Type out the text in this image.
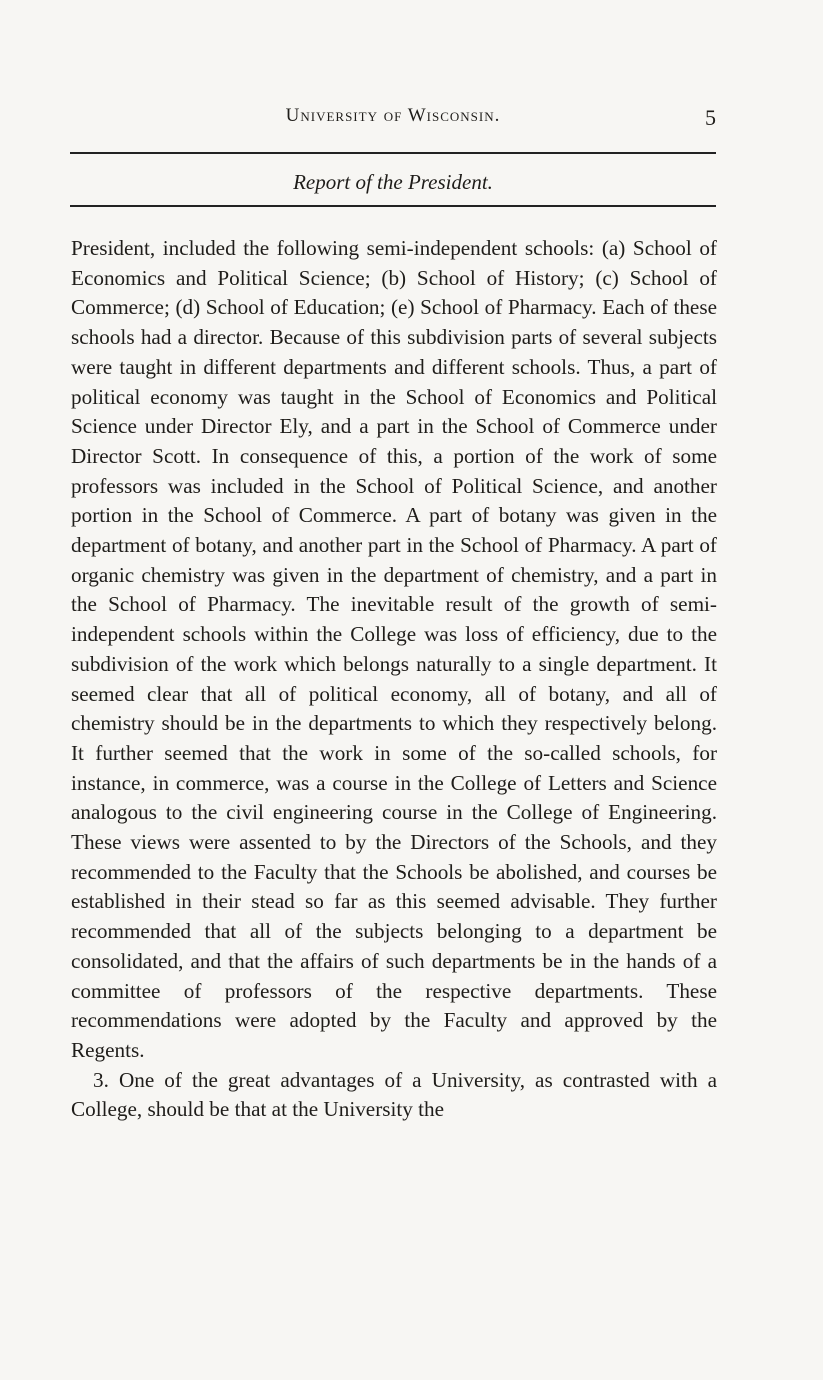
University of Wisconsin.	5
Report of the President.

President, included the following semi-independent schools: (a) School of Economics and Political Science; (b) School of History; (c) School of Commerce; (d) School of Education; (e) School of Pharmacy. Each of these schools had a director. Because of this subdivision parts of several subjects were taught in different departments and different schools. Thus, a part of political economy was taught in the School of Economics and Political Science under Director Ely, and a part in the School of Commerce under Director Scott. In consequence of this, a portion of the work of some professors was included in the School of Political Science, and another portion in the School of Commerce. A part of botany was given in the department of botany, and another part in the School of Pharmacy. A part of organic chemistry was given in the department of chemistry, and a part in the School of Pharmacy. The inevitable result of the growth of semi-independent schools within the College was loss of efficiency, due to the subdivision of the work which belongs naturally to a single department. It seemed clear that all of political economy, all of botany, and all of chemistry should be in the departments to which they respectively belong. It further seemed that the work in some of the so-called schools, for instance, in commerce, was a course in the College of Letters and Science analogous to the civil engineering course in the College of Engineering. These views were assented to by the Directors of the Schools, and they recommended to the Faculty that the Schools be abolished, and courses be established in their stead so far as this seemed advisable. They further recommended that all of the subjects belonging to a department be consolidated, and that the affairs of such departments be in the hands of a committee of professors of the respective departments. These recommendations were adopted by the Faculty and approved by the Regents.

3. One of the great advantages of a University, as contrasted with a College, should be that at the University the
